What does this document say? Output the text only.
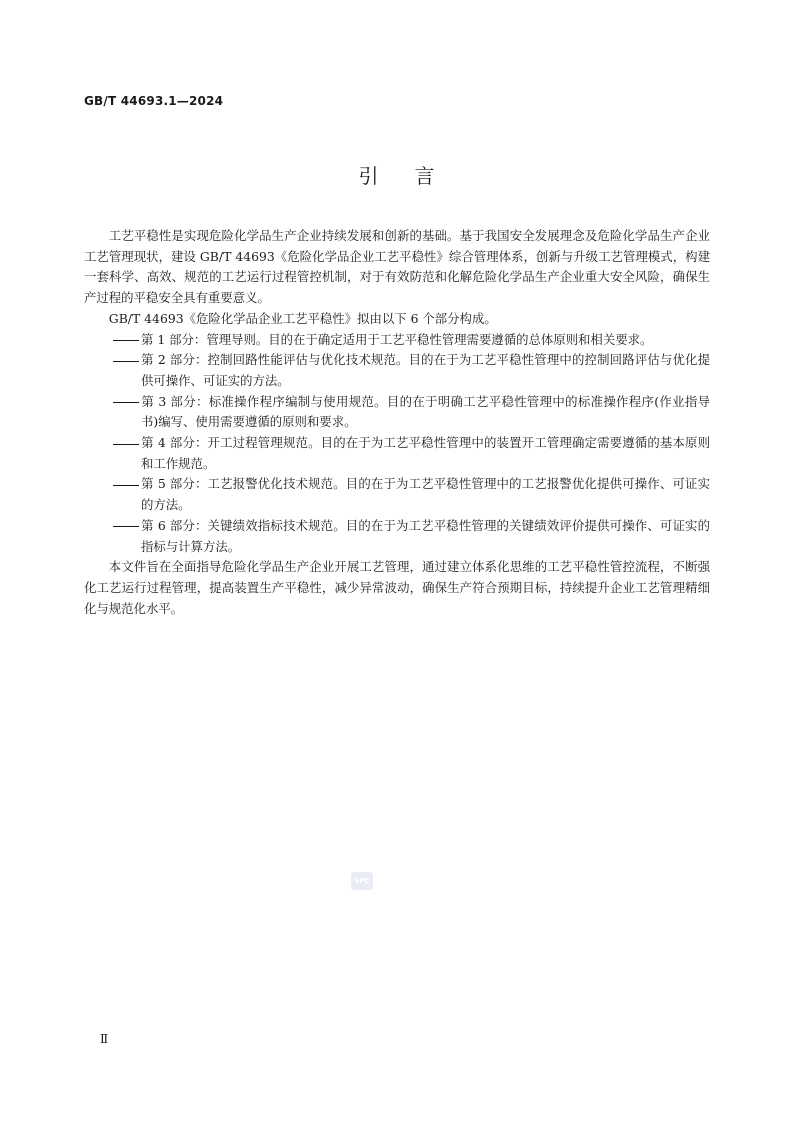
GB/T 44693.1—2024
引言

工艺平稳性是实现危险化学品生产企业持续发展和创新的基础。基于我国安全发展理念及危险化学品生产企业工艺管理现状，建设 GB/T 44693《危险化学品企业工艺平稳性》综合管理体系，创新与升级工艺管理模式，构建一套科学、高效、规范的工艺运行过程管控机制，对于有效防范和化解危险化学品生产企业重大安全风险，确保生产过程的平稳安全具有重要意义。

GB/T 44693《危险化学品企业工艺平稳性》拟由以下 6 个部分构成。

第 1 部分：管理导则。目的在于确定适用于工艺平稳性管理需要遵循的总体原则和相关要求。

第 2 部分：控制回路性能评估与优化技术规范。目的在于为工艺平稳性管理中的控制回路评估与优化提供可操作、可证实的方法。

第 3 部分：标准操作程序编制与使用规范。目的在于明确工艺平稳性管理中的标准操作程序(作业指导书)编写、使用需要遵循的原则和要求。

第 4 部分：开工过程管理规范。目的在于为工艺平稳性管理中的装置开工管理确定需要遵循的基本原则和工作规范。

第 5 部分：工艺报警优化技术规范。目的在于为工艺平稳性管理中的工艺报警优化提供可操作、可证实的方法。

第 6 部分：关键绩效指标技术规范。目的在于为工艺平稳性管理的关键绩效评价提供可操作、可证实的指标与计算方法。

本文件旨在全面指导危险化学品生产企业开展工艺管理，通过建立体系化思维的工艺平稳性管控流程，不断强化工艺运行过程管理，提高装置生产平稳性，减少异常波动，确保生产符合预期目标，持续提升企业工艺管理精细化与规范化水平。

SPC
Ⅱ
